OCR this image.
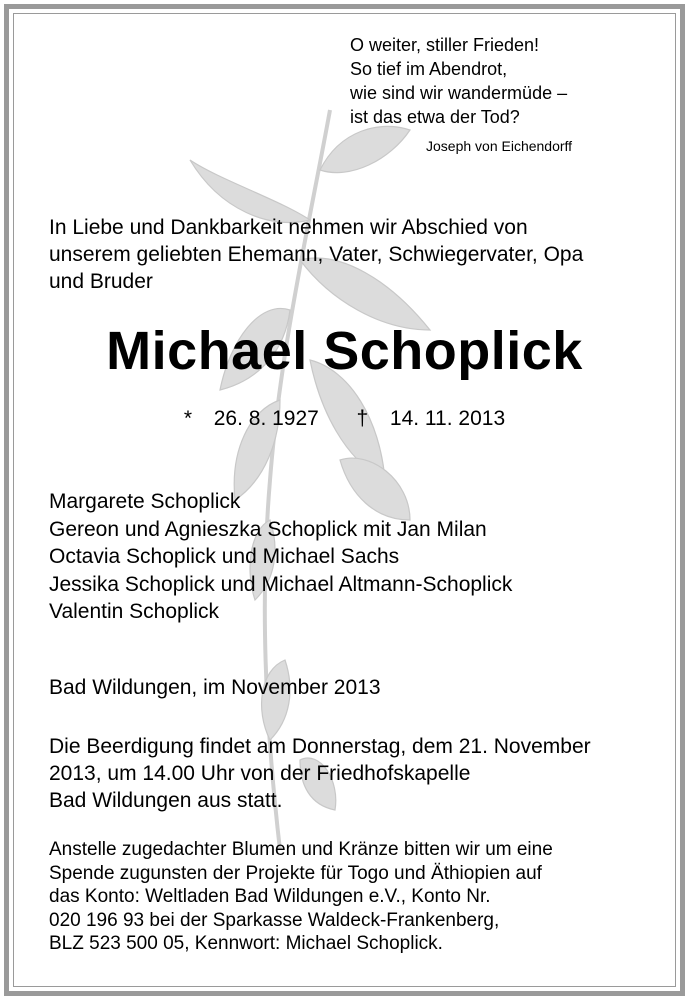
O weiter, stiller Frieden!
So tief im Abendrot,
wie sind wir wandermüde –
ist das etwa der Tod?
Joseph von Eichendorff
In Liebe und Dankbarkeit nehmen wir Abschied von
unserem geliebten Ehemann, Vater, Schwiegervater, Opa
und Bruder
Michael Schoplick
* 26. 8. 1927 † 14. 11. 2013
Margarete Schoplick
Gereon und Agnieszka Schoplick mit Jan Milan
Octavia Schoplick und Michael Sachs
Jessika Schoplick und Michael Altmann-Schoplick
Valentin Schoplick
Bad Wildungen, im November 2013
Die Beerdigung findet am Donnerstag, dem 21. November
2013, um 14.00 Uhr von der Friedhofskapelle
Bad Wildungen aus statt.
Anstelle zugedachter Blumen und Kränze bitten wir um eine
Spende zugunsten der Projekte für Togo und Äthiopien auf
das Konto: Weltladen Bad Wildungen e.V., Konto Nr.
020 196 93 bei der Sparkasse Waldeck-Frankenberg,
BLZ 523 500 05, Kennwort: Michael Schoplick.
